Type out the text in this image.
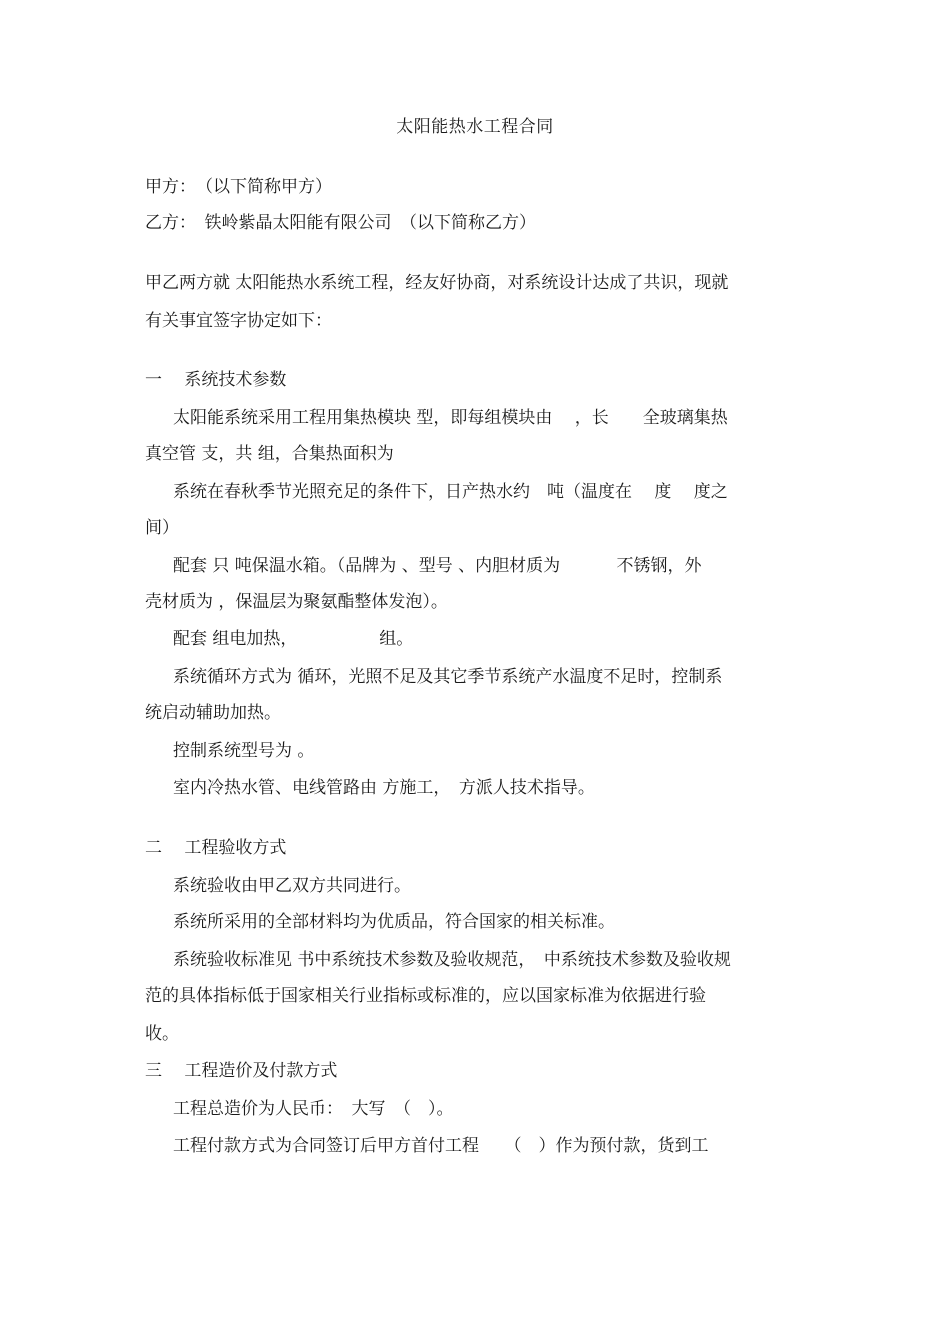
太阳能热水工程合同
甲方：　（以下简称甲方）
乙方：　铁岭紫晶太阳能有限公司　（以下简称乙方）
甲乙两方就 太阳能热水系统工程，经友好协商，对系统设计达成了共识，现就
有关事宜签字协定如下：
一　 系统技术参数
太阳能系统采用工程用集热模块 型，即每组模块由　 ，长　　全玻璃集热
真空管 支，共 组，合集热面积为
系统在春秋季节光照充足的条件下，日产热水约　吨（温度在　 度　 度之
间）
配套 只 吨保温水箱。（品牌为 、型号 、内胆材质为　　　 不锈钢，外
壳材质为 ，保温层为聚氨酯整体发泡）。
配套 组电加热，　　　　　 组。
系统循环方式为 循环，光照不足及其它季节系统产水温度不足时，控制系
统启动辅助加热。
控制系统型号为 。
室内冷热水管、电线管路由 方施工，　方派人技术指导。
二　 工程验收方式
系统验收由甲乙双方共同进行。
系统所采用的全部材料均为优质品，符合国家的相关标准。
系统验收标准见 书中系统技术参数及验收规范，　中系统技术参数及验收规
范的具体指标低于国家相关行业指标或标准的，应以国家标准为依据进行验
收。
三　 工程造价及付款方式
工程总造价为人民币：　大写　（　）。
工程付款方式为合同签订后甲方首付工程　　（　）作为预付款，货到工
